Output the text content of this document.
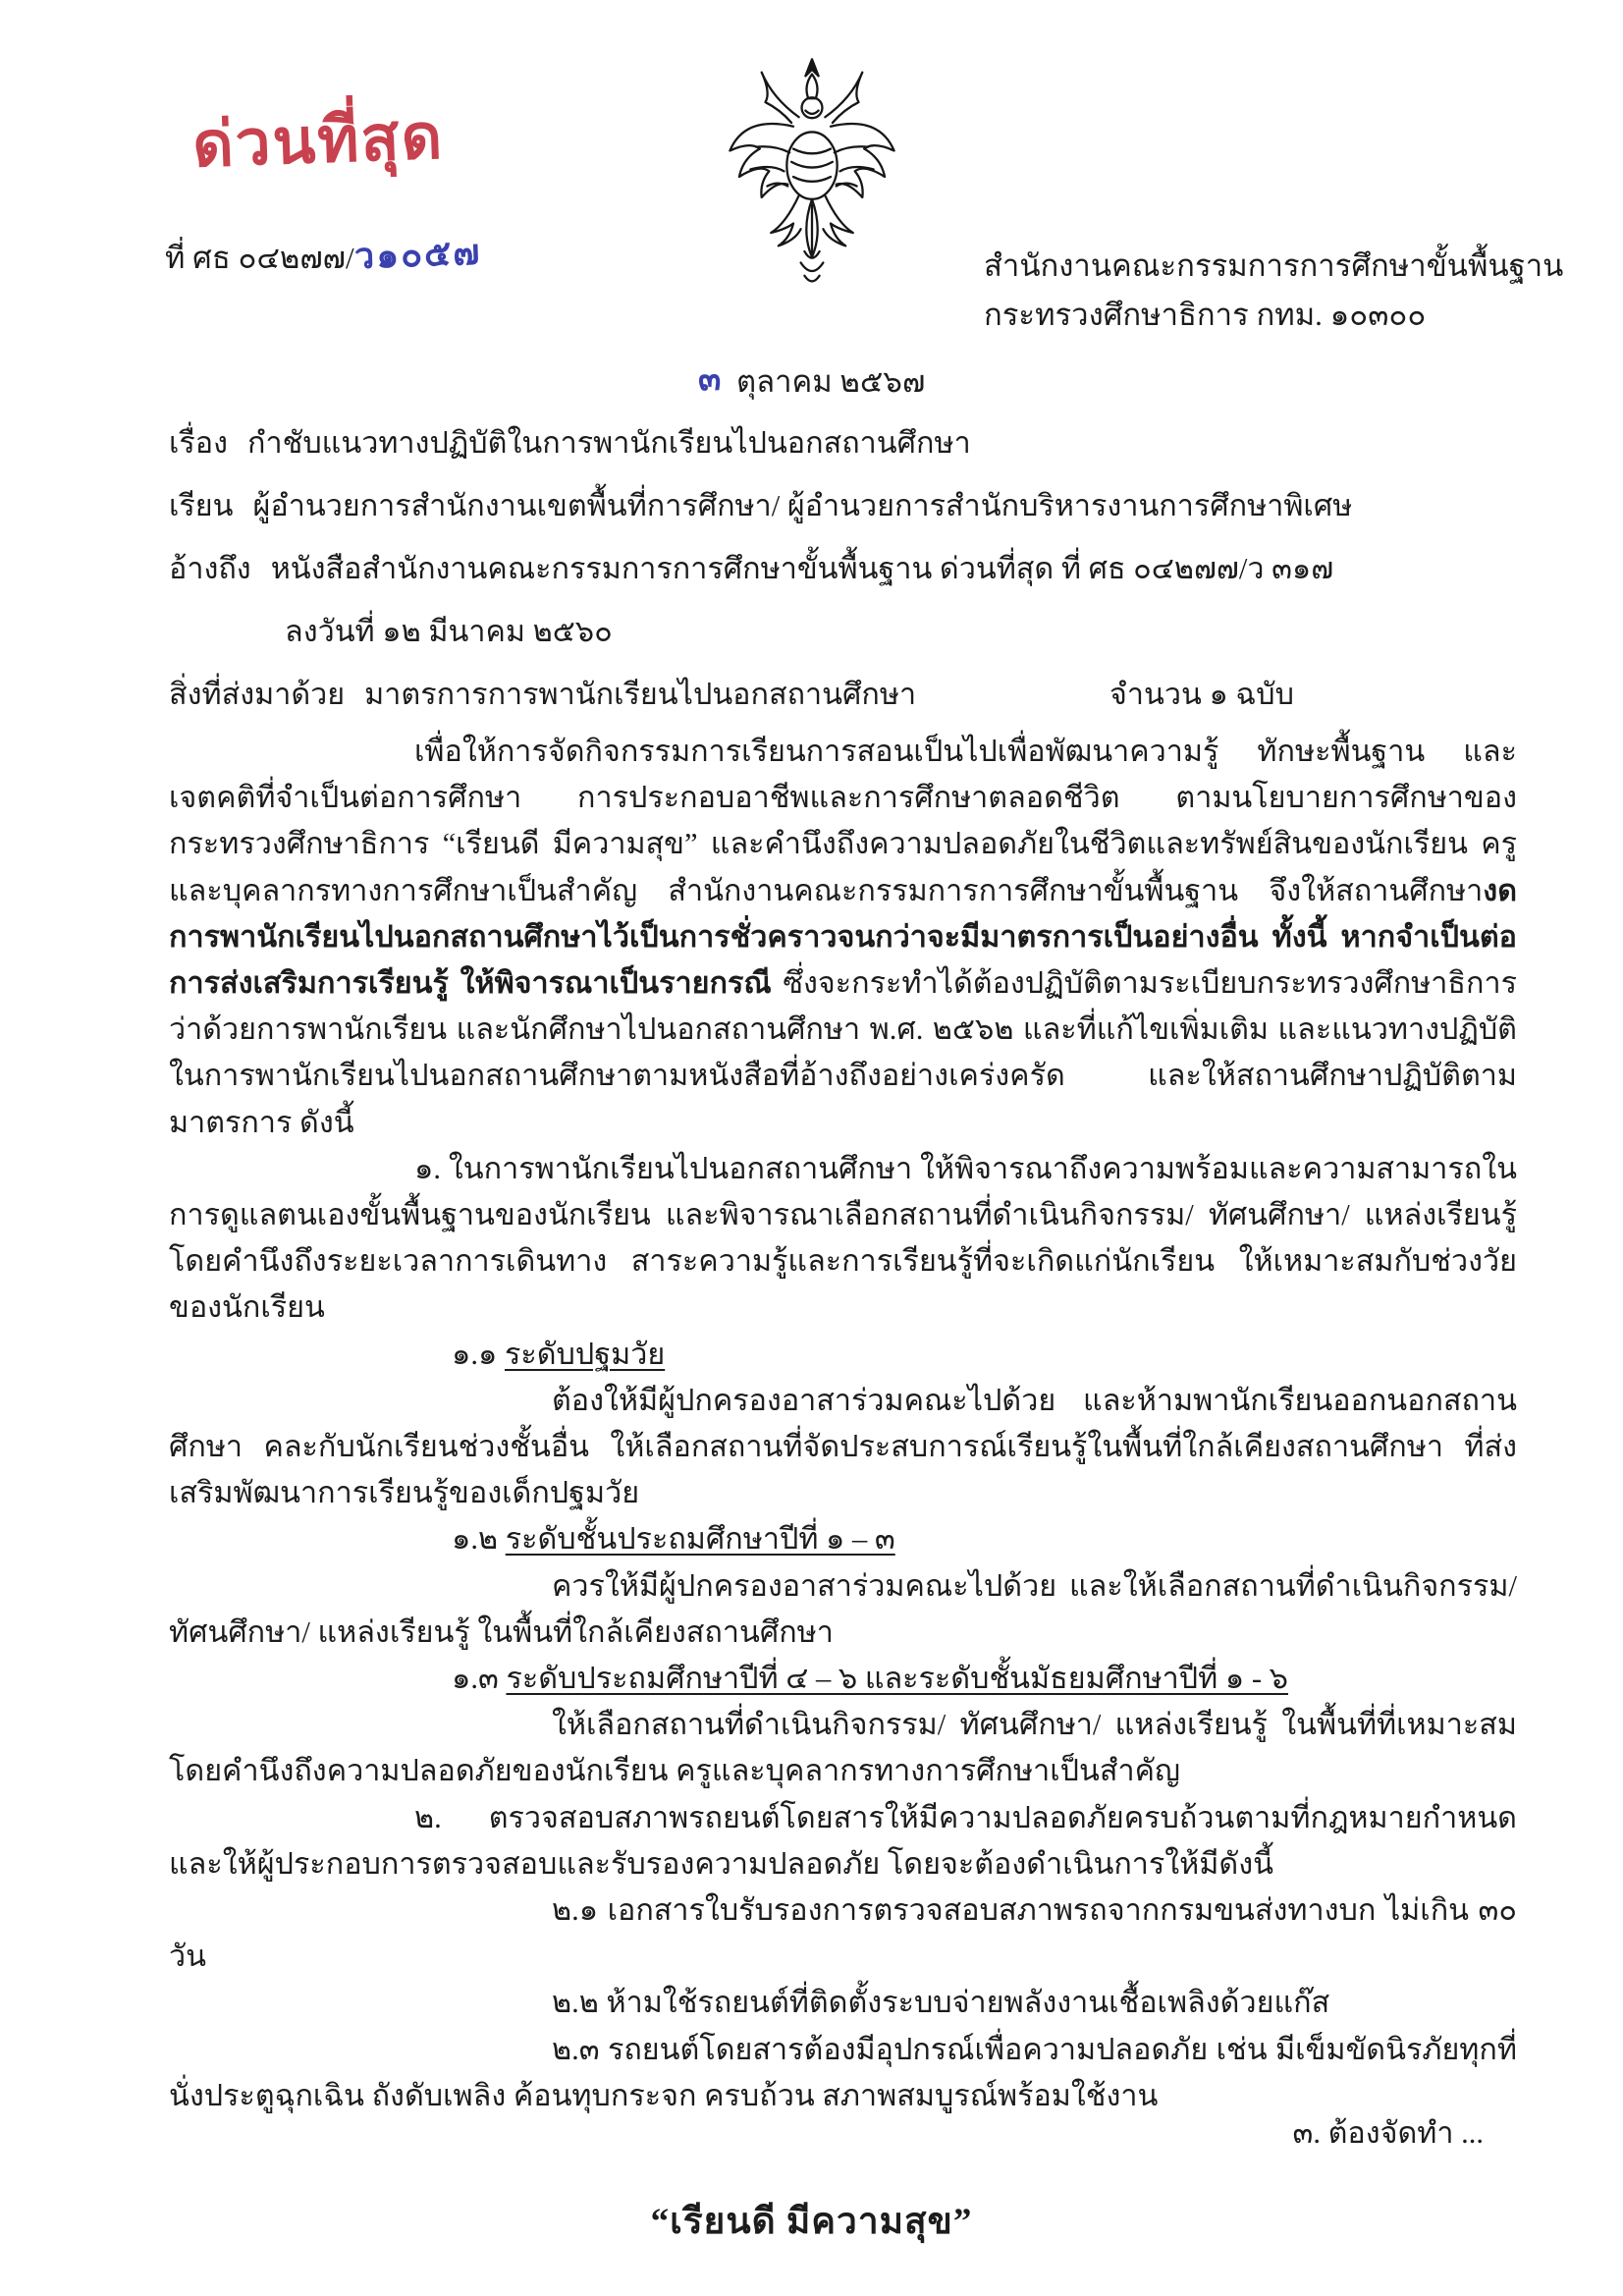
ด่วนที่สุด
ที่ ศธ ๐๔๒๗๗/ว๑๐๕๗	สำนักงานคณะกรรมการการศึกษาขั้นพื้นฐาน
กระทรวงศึกษาธิการ กทม. ๑๐๓๐๐
๓ ตุลาคม ๒๕๖๗
เรื่อง กำชับแนวทางปฏิบัติในการพานักเรียนไปนอกสถานศึกษา
เรียน ผู้อำนวยการสำนักงานเขตพื้นที่การศึกษา/ ผู้อำนวยการสำนักบริหารงานการศึกษาพิเศษ
อ้างถึง หนังสือสำนักงานคณะกรรมการการศึกษาขั้นพื้นฐาน ด่วนที่สุด ที่ ศธ ๐๔๒๗๗/ว ๓๑๗
ลงวันที่ ๑๒ มีนาคม ๒๕๖๐
สิ่งที่ส่งมาด้วย มาตรการการพานักเรียนไปนอกสถานศึกษา	จำนวน ๑ ฉบับ

เพื่อให้การจัดกิจกรรมการเรียนการสอนเป็นไปเพื่อพัฒนาความรู้ ทักษะพื้นฐาน และเจตคติที่จำเป็นต่อการศึกษา การประกอบอาชีพและการศึกษาตลอดชีวิต ตามนโยบายการศึกษาของกระทรวงศึกษาธิการ “เรียนดี มีความสุข” และคำนึงถึงความปลอดภัยในชีวิตและทรัพย์สินของนักเรียน ครูและบุคลากรทางการศึกษาเป็นสำคัญ สำนักงานคณะกรรมการการศึกษาขั้นพื้นฐาน จึงให้สถานศึกษางดการพานักเรียนไปนอกสถานศึกษาไว้เป็นการชั่วคราวจนกว่าจะมีมาตรการเป็นอย่างอื่น ทั้งนี้ หากจำเป็นต่อการส่งเสริมการเรียนรู้ ให้พิจารณาเป็นรายกรณี ซึ่งจะกระทำได้ต้องปฏิบัติตามระเบียบกระทรวงศึกษาธิการว่าด้วยการพานักเรียน และนักศึกษาไปนอกสถานศึกษา พ.ศ. ๒๕๖๒ และที่แก้ไขเพิ่มเติม และแนวทางปฏิบัติในการพานักเรียนไปนอกสถานศึกษาตามหนังสือที่อ้างถึงอย่างเคร่งครัด และให้สถานศึกษาปฏิบัติตามมาตรการ ดังนี้

๑. ในการพานักเรียนไปนอกสถานศึกษา ให้พิจารณาถึงความพร้อมและความสามารถในการดูแลตนเองขั้นพื้นฐานของนักเรียน และพิจารณาเลือกสถานที่ดำเนินกิจกรรม/ ทัศนศึกษา/ แหล่งเรียนรู้ โดยคำนึงถึงระยะเวลาการเดินทาง สาระความรู้และการเรียนรู้ที่จะเกิดแก่นักเรียน ให้เหมาะสมกับช่วงวัยของนักเรียน

๑.๑ ระดับปฐมวัย

ต้องให้มีผู้ปกครองอาสาร่วมคณะไปด้วย และห้ามพานักเรียนออกนอกสถานศึกษา คละกับนักเรียนช่วงชั้นอื่น ให้เลือกสถานที่จัดประสบการณ์เรียนรู้ในพื้นที่ใกล้เคียงสถานศึกษา ที่ส่งเสริมพัฒนาการเรียนรู้ของเด็กปฐมวัย

๑.๒ ระดับชั้นประถมศึกษาปีที่ ๑ – ๓

ควรให้มีผู้ปกครองอาสาร่วมคณะไปด้วย และให้เลือกสถานที่ดำเนินกิจกรรม/ ทัศนศึกษา/ แหล่งเรียนรู้ ในพื้นที่ใกล้เคียงสถานศึกษา

๑.๓ ระดับประถมศึกษาปีที่ ๔ – ๖ และระดับชั้นมัธยมศึกษาปีที่ ๑ - ๖

ให้เลือกสถานที่ดำเนินกิจกรรม/ ทัศนศึกษา/ แหล่งเรียนรู้ ในพื้นที่ที่เหมาะสมโดยคำนึงถึงความปลอดภัยของนักเรียน ครูและบุคลากรทางการศึกษาเป็นสำคัญ

๒. ตรวจสอบสภาพรถยนต์โดยสารให้มีความปลอดภัยครบถ้วนตามที่กฎหมายกำหนดและให้ผู้ประกอบการตรวจสอบและรับรองความปลอดภัย โดยจะต้องดำเนินการให้มีดังนี้

๒.๑ เอกสารใบรับรองการตรวจสอบสภาพรถจากกรมขนส่งทางบก ไม่เกิน ๓๐ วัน

๒.๒ ห้ามใช้รถยนต์ที่ติดตั้งระบบจ่ายพลังงานเชื้อเพลิงด้วยแก๊ส

๒.๓ รถยนต์โดยสารต้องมีอุปกรณ์เพื่อความปลอดภัย เช่น มีเข็มขัดนิรภัยทุกที่นั่งประตูฉุกเฉิน ถังดับเพลิง ค้อนทุบกระจก ครบถ้วน สภาพสมบูรณ์พร้อมใช้งาน

๓. ต้องจัดทำ ...
“เรียนดี มีความสุข”
